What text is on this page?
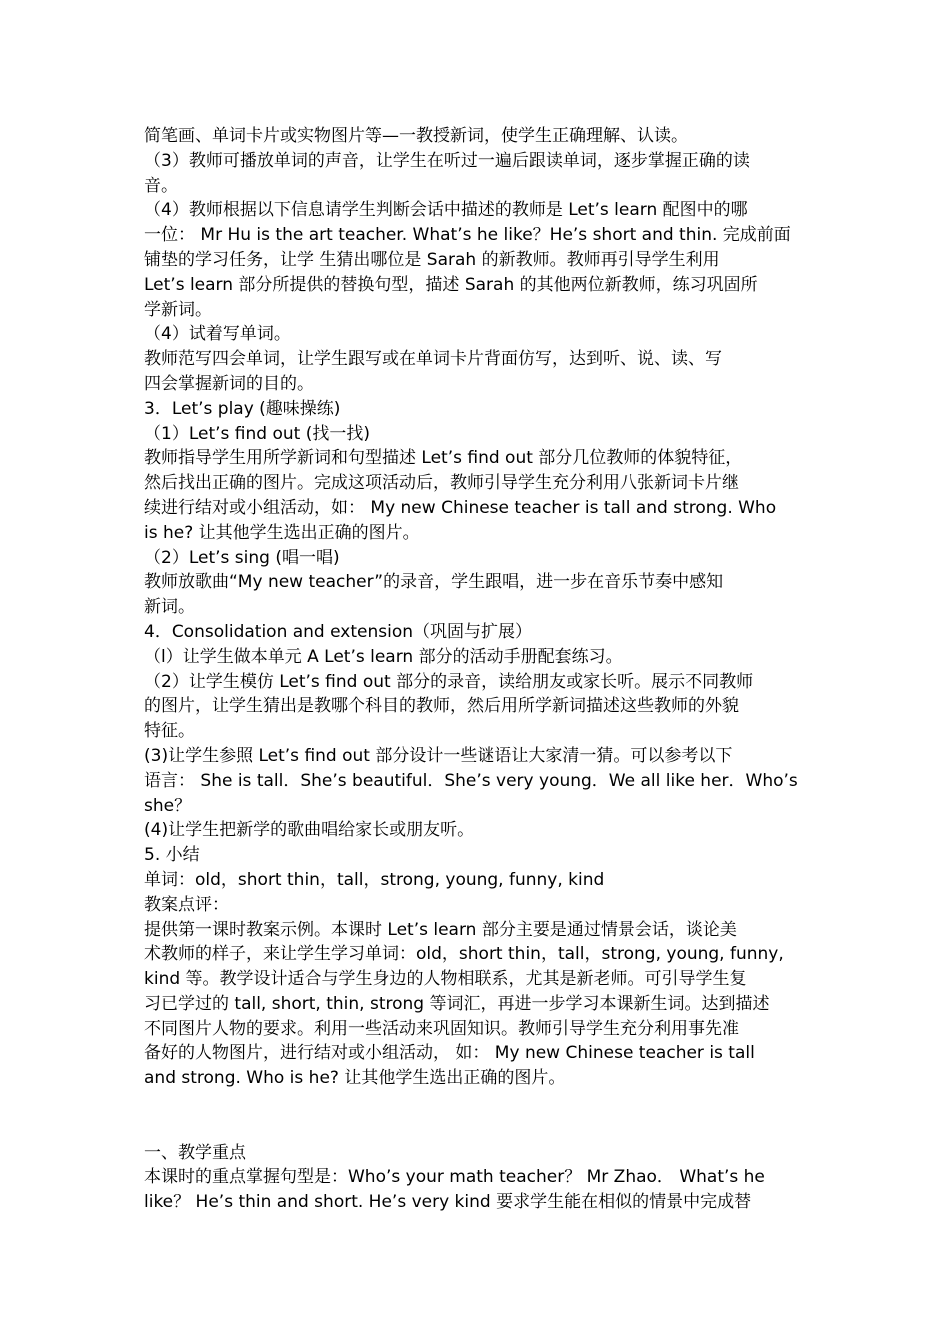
简笔画、单词卡片或实物图片等—一教授新词，使学生正确理解、认读。
（3）教师可播放单词的声音，让学生在听过一遍后跟读单词，逐步掌握正确的读
音。
（4）教师根据以下信息请学生判断会话中描述的教师是 Let’s learn 配图中的哪
一位： Mr Hu is the art teacher. What’s he like？He’s short and thin. 完成前面
铺垫的学习任务，让学 生猜出哪位是 Sarah 的新教师。教师再引导学生利用
Let’s learn 部分所提供的替换句型，描述 Sarah 的其他两位新教师，练习巩固所
学新词。
（4）试着写单词。
教师范写四会单词，让学生跟写或在单词卡片背面仿写，达到听、说、读、写
四会掌握新词的目的。
3．Let’s play (趣味操练)
（1）Let’s find out (找一找)
教师指导学生用所学新词和句型描述 Let’s find out 部分几位教师的体貌特征，
然后找出正确的图片。完成这项活动后，教师引导学生充分利用八张新词卡片继
续进行结对或小组活动，如： My new Chinese teacher is tall and strong. Who
is he? 让其他学生选出正确的图片。
（2）Let’s sing (唱一唱)
教师放歌曲“My new teacher”的录音，学生跟唱，进一步在音乐节奏中感知
新词。
4．Consolidation and extension（巩固与扩展）
（l）让学生做本单元 A Let’s learn 部分的活动手册配套练习。
（2）让学生模仿 Let’s find out 部分的录音，读给朋友或家长听。展示不同教师
的图片，让学生猜出是教哪个科目的教师，然后用所学新词描述这些教师的外貌
特征。
(3)让学生参照 Let’s find out 部分设计一些谜语让大家清一猜。可以参考以下
语言： She is tall．She’s beautiful．She’s very young．We all like her．Who’s
she？
(4)让学生把新学的歌曲唱给家长或朋友听。
5. 小结
单词：old，short thin，tall，strong, young, funny, kind
教案点评：
提供第一课时教案示例。本课时 Let’s learn 部分主要是通过情景会话，谈论美
术教师的样子，来让学生学习单词：old，short thin，tall，strong, young, funny,
kind 等。教学设计适合与学生身边的人物相联系，尤其是新老师。可引导学生复
习已学过的 tall, short, thin, strong 等词汇，再进一步学习本课新生词。达到描述
不同图片人物的要求。利用一些活动来巩固知识。教师引导学生充分利用事先准
备好的人物图片，进行结对或小组活动， 如： My new Chinese teacher is tall
and strong. Who is he? 让其他学生选出正确的图片。
一、教学重点
本课时的重点掌握句型是：Who’s your math teacher？ Mr Zhao． What’s he
like？ He’s thin and short. He’s very kind 要求学生能在相似的情景中完成替
